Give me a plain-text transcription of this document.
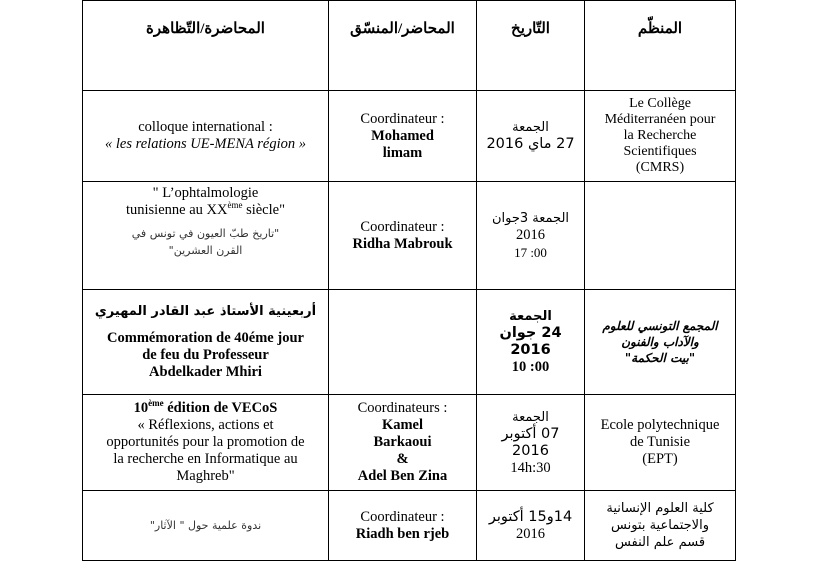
المحاضرة/التّظاهرة	المحاضر/المنسّق	التّاريخ	المنظّم

colloque international :
« les relations UE-MENA région »	Coordinateur :
Mohamed
limam	الجمعة
27 ماي 2016	Le Collège
Méditerranéen pour
la Recherche
Scientifiques
(CMRS)

" L’ophtalmologie
tunisienne au XXème siècle"
"تاريخ طبّ العيون في تونس في
القرن العشرين"	Coordinateur :
Ridha Mabrouk	الجمعة 3جوان
2016
17 :00	

أربعينية الأستاذ عبد القادر المهيري
Commémoration de 40éme jour
de feu du Professeur
Abdelkader Mhiri		الجمعة
24 جوان 2016
10 :00	المجمع التونسي للعلوم
والآداب والفنون
"بيت الحكمة"

10ème édition de VECoS
« Réflexions, actions et
opportunités pour la promotion de
la recherche en Informatique au
Maghreb"	Coordinateurs :
Kamel
Barkaoui
&
Adel Ben Zina	الجمعة
07 أكتوبر 2016
14h:30	Ecole polytechnique
de Tunisie
(EPT)

ندوة علمية حول " الآثار"	Coordinateur :
Riadh ben rjeb	14و15 أكتوبر
2016	كلية العلوم الإنسانية
والاجتماعية بتونس
قسم علم النفس
